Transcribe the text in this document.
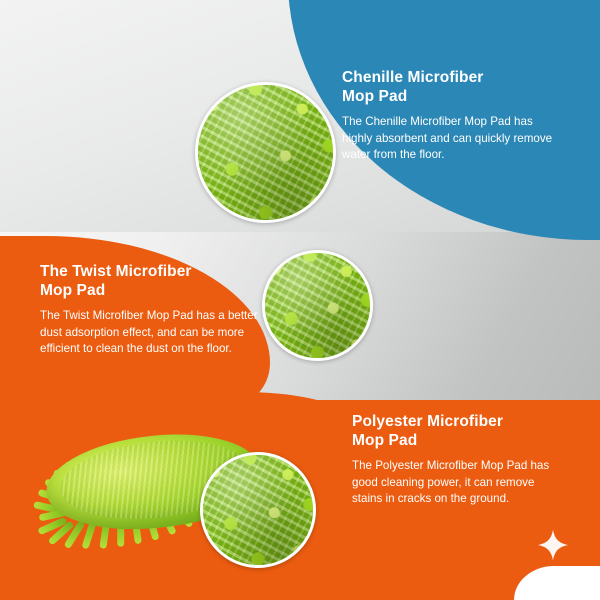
Chenille Microfiber
Mop Pad

The Chenille Microfiber Mop Pad has highly absorbent and can quickly remove water from the floor.

The Twist Microfiber
Mop Pad

The Twist Microfiber Mop Pad has a better dust adsorption effect, and can be more efficient to clean the dust on the floor.

Polyester Microfiber
Mop Pad

The Polyester Microfiber Mop Pad has good cleaning power, it can remove stains in cracks on the ground.
